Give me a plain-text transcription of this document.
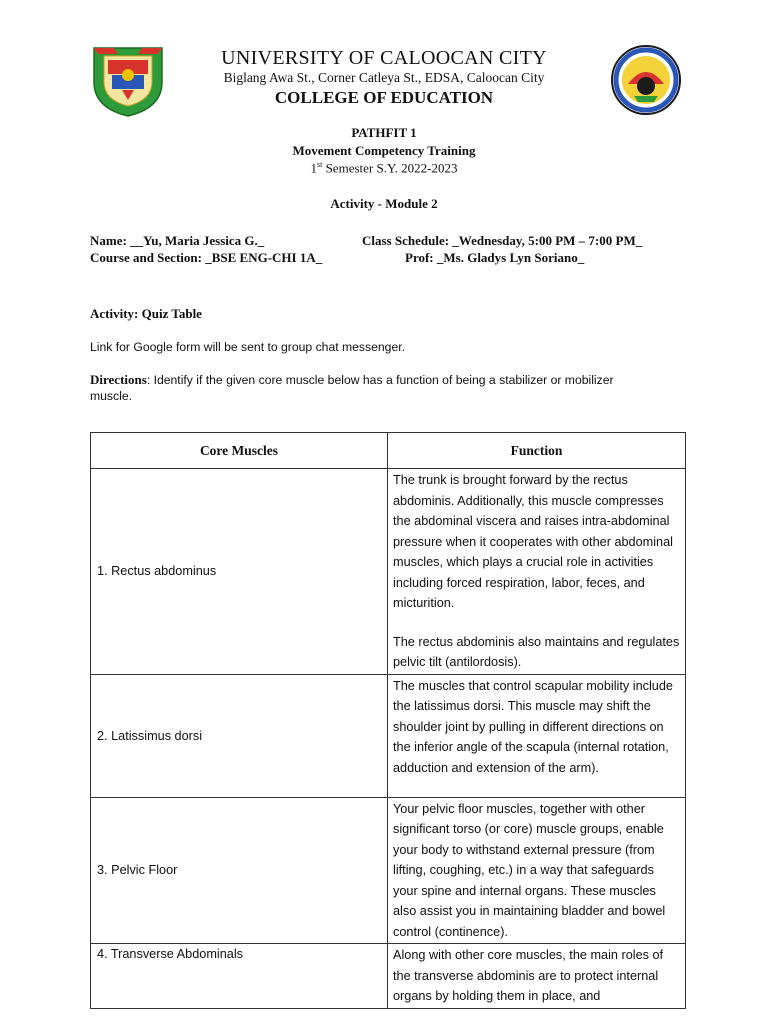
UNIVERSITY OF CALOOCAN CITY
Biglang Awa St., Corner Catleya St., EDSA, Caloocan City
COLLEGE OF EDUCATION
PATHFIT 1
Movement Competency Training
1st Semester S.Y. 2022-2023
Activity - Module 2
Name: __Yu, Maria Jessica G._	Class Schedule: _Wednesday, 5:00 PM – 7:00 PM_
Course and Section: _BSE ENG-CHI 1A_	Prof: _Ms. Gladys Lyn Soriano_
Activity: Quiz Table
Link for Google form will be sent to group chat messenger.
Directions: Identify if the given core muscle below has a function of being a stabilizer or mobilizer muscle.
Core Muscles	Function
1. Rectus abdominus	The trunk is brought forward by the rectus abdominis. Additionally, this muscle compresses the abdominal viscera and raises intra-abdominal pressure when it cooperates with other abdominal muscles, which plays a crucial role in activities including forced respiration, labor, feces, and micturition.

The rectus abdominis also maintains and regulates pelvic tilt (antilordosis).

2. Latissimus dorsi	The muscles that control scapular mobility include the latissimus dorsi. This muscle may shift the shoulder joint by pulling in different directions on the inferior angle of the scapula (internal rotation, adduction and extension of the arm).

3. Pelvic Floor	Your pelvic floor muscles, together with other significant torso (or core) muscle groups, enable your body to withstand external pressure (from lifting, coughing, etc.) in a way that safeguards your spine and internal organs. These muscles also assist you in maintaining bladder and bowel control (continence).

4. Transverse Abdominals	Along with other core muscles, the main roles of the transverse abdominis are to protect internal organs by holding them in place, and
